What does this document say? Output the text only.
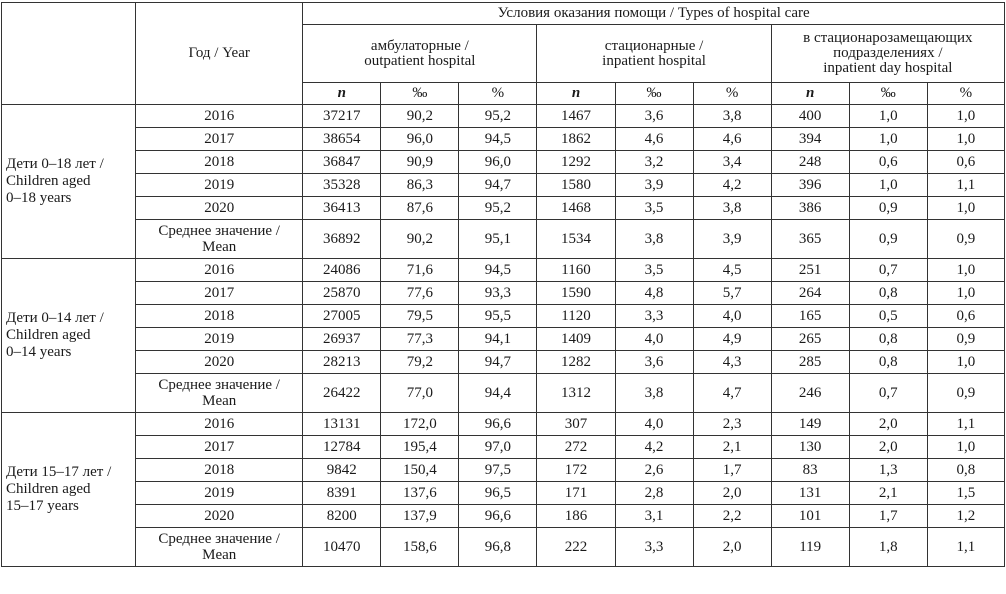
	Год / Year	Условия оказания помощи / Types of hospital care								
		амбулаторные /
outpatient hospital			стационарные /
inpatient hospital			в стационарозамещающих
подразделениях /
inpatient day hospital		
		n	‰	%	n	‰	%	n	‰	%
Дети 0–18 лет /
Children aged
0–18 years	2016	37217	90,2	95,2	1467	3,6	3,8	400	1,0	1,0
	2017	38654	96,0	94,5	1862	4,6	4,6	394	1,0	1,0
	2018	36847	90,9	96,0	1292	3,2	3,4	248	0,6	0,6
	2019	35328	86,3	94,7	1580	3,9	4,2	396	1,0	1,1
	2020	36413	87,6	95,2	1468	3,5	3,8	386	0,9	1,0
	Среднее значение /
Mean	36892	90,2	95,1	1534	3,8	3,9	365	0,9	0,9
Дети 0–14 лет /
Children aged
0–14 years	2016	24086	71,6	94,5	1160	3,5	4,5	251	0,7	1,0
	2017	25870	77,6	93,3	1590	4,8	5,7	264	0,8	1,0
	2018	27005	79,5	95,5	1120	3,3	4,0	165	0,5	0,6
	2019	26937	77,3	94,1	1409	4,0	4,9	265	0,8	0,9
	2020	28213	79,2	94,7	1282	3,6	4,3	285	0,8	1,0
	Среднее значение /
Mean	26422	77,0	94,4	1312	3,8	4,7	246	0,7	0,9
Дети 15–17 лет /
Children aged
15–17 years	2016	13131	172,0	96,6	307	4,0	2,3	149	2,0	1,1
	2017	12784	195,4	97,0	272	4,2	2,1	130	2,0	1,0
	2018	9842	150,4	97,5	172	2,6	1,7	83	1,3	0,8
	2019	8391	137,6	96,5	171	2,8	2,0	131	2,1	1,5
	2020	8200	137,9	96,6	186	3,1	2,2	101	1,7	1,2
	Среднее значение /
Mean	10470	158,6	96,8	222	3,3	2,0	119	1,8	1,1
